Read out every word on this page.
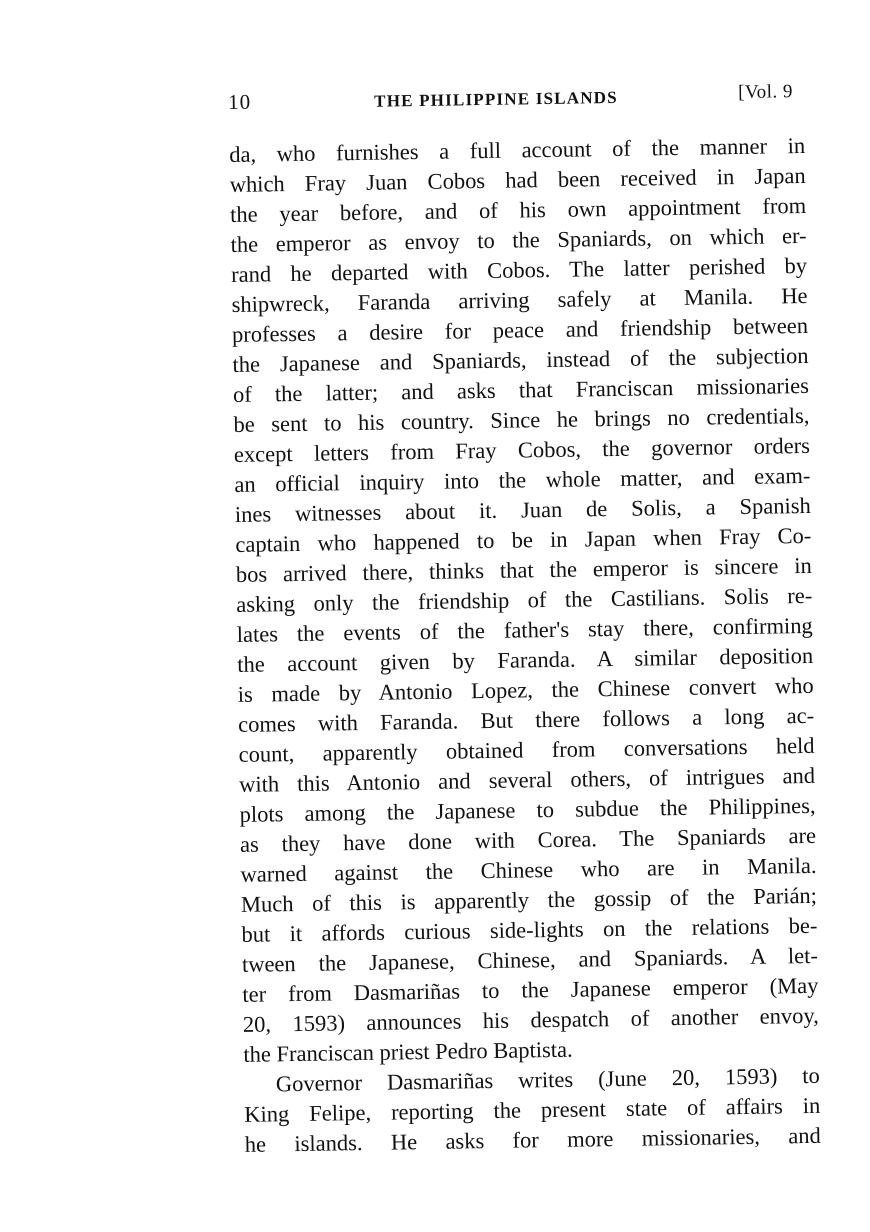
10	THE PHILIPPINE ISLANDS	[Vol. 9
da, who furnishes a full account of the manner in
which Fray Juan Cobos had been received in Japan
the year before, and of his own appointment from
the emperor as envoy to the Spaniards, on which er-
rand he departed with Cobos. The latter perished by
shipwreck, Faranda arriving safely at Manila. He
professes a desire for peace and friendship between
the Japanese and Spaniards, instead of the subjection
of the latter; and asks that Franciscan missionaries
be sent to his country. Since he brings no credentials,
except letters from Fray Cobos, the governor orders
an official inquiry into the whole matter, and exam-
ines witnesses about it. Juan de Solis, a Spanish
captain who happened to be in Japan when Fray Co-
bos arrived there, thinks that the emperor is sincere in
asking only the friendship of the Castilians. Solis re-
lates the events of the father's stay there, confirming
the account given by Faranda. A similar deposition
is made by Antonio Lopez, the Chinese convert who
comes with Faranda. But there follows a long ac-
count, apparently obtained from conversations held
with this Antonio and several others, of intrigues and
plots among the Japanese to subdue the Philippines,
as they have done with Corea. The Spaniards are
warned against the Chinese who are in Manila.
Much of this is apparently the gossip of the Parián;
but it affords curious side-lights on the relations be-
tween the Japanese, Chinese, and Spaniards. A let-
ter from Dasmariñas to the Japanese emperor (May
20, 1593) announces his despatch of another envoy,
the Franciscan priest Pedro Baptista.
Governor Dasmariñas writes (June 20, 1593) to
King Felipe, reporting the present state of affairs in
he islands. He asks for more missionaries, and
